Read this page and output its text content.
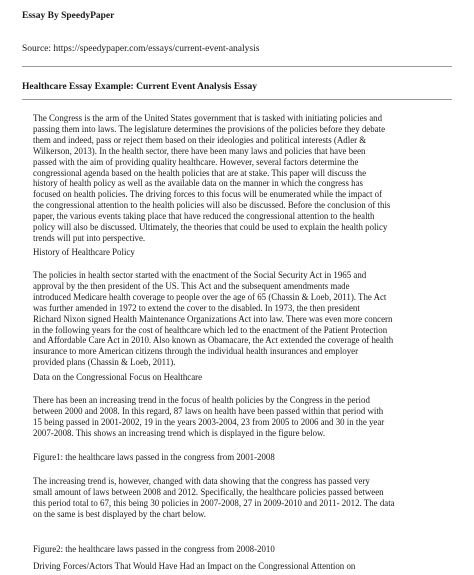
Essay By SpeedyPaper
Source: https://speedypaper.com/essays/current-event-analysis
Healthcare Essay Example: Current Event Analysis Essay
The Congress is the arm of the United States government that is tasked with initiating policies and
passing them into laws. The legislature determines the provisions of the policies before they debate
them and indeed, pass or reject them based on their ideologies and political interests (Adler &
Wilkerson, 2013). In the health sector, there have been many laws and policies that have been
passed with the aim of providing quality healthcare. However, several factors determine the
congressional agenda based on the health policies that are at stake. This paper will discuss the
history of health policy as well as the available data on the manner in which the congress has
focused on health policies. The driving forces to this focus will be enumerated while the impact of
the congressional attention to the health policies will also be discussed. Before the conclusion of this
paper, the various events taking place that have reduced the congressional attention to the health
policy will also be discussed. Ultimately, the theories that could be used to explain the health policy
trends will put into perspective.
History of Healthcare Policy
The policies in health sector started with the enactment of the Social Security Act in 1965 and
approval by the then president of the US. This Act and the subsequent amendments made
introduced Medicare health coverage to people over the age of 65 (Chassin & Loeb, 2011). The Act
was further amended in 1972 to extend the cover to the disabled. In 1973, the then president
Richard Nixon signed Health Maintenance Organizations Act into law. There was even more concern
in the following years for the cost of healthcare which led to the enactment of the Patient Protection
and Affordable Care Act in 2010. Also known as Obamacare, the Act extended the coverage of health
insurance to more American citizens through the individual health insurances and employer
provided plans (Chassin & Loeb, 2011).
Data on the Congressional Focus on Healthcare
There has been an increasing trend in the focus of health policies by the Congress in the period
between 2000 and 2008. In this regard, 87 laws on health have been passed within that period with
15 being passed in 2001-2002, 19 in the years 2003-2004, 23 from 2005 to 2006 and 30 in the year
2007-2008. This shows an increasing trend which is displayed in the figure below.
Figure1: the healthcare laws passed in the congress from 2001-2008
The increasing trend is, however, changed with data showing that the congress has passed very
small amount of laws between 2008 and 2012. Specifically, the healthcare policies passed between
this period total to 67, this being 30 policies in 2007-2008, 27 in 2009-2010 and 2011- 2012. The data
on the same is best displayed by the chart below.
Figure2: the healthcare laws passed in the congress from 2008-2010
Driving Forces/Actors That Would Have Had an Impact on the Congressional Attention on
